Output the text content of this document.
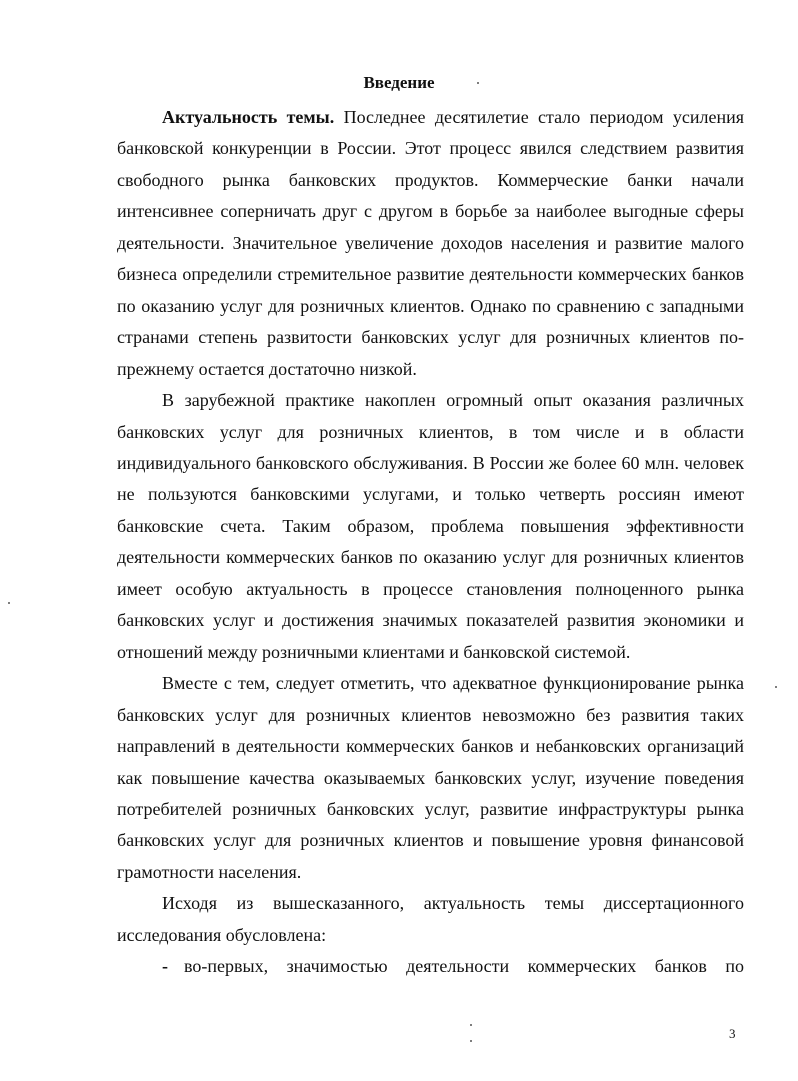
Введение

Актуальность темы. Последнее десятилетие стало периодом усиления банковской конкуренции в России. Этот процесс явился следствием развития свободного рынка банковских продуктов. Коммерческие банки начали интенсивнее соперничать друг с другом в борьбе за наиболее выгодные сферы деятельности. Значительное увеличение доходов населения и развитие малого бизнеса определили стремительное развитие деятельности коммерческих банков по оказанию услуг для розничных клиентов. Однако по сравнению с западными странами степень развитости банковских услуг для розничных клиентов по-прежнему остается достаточно низкой.

В зарубежной практике накоплен огромный опыт оказания различных банковских услуг для розничных клиентов, в том числе и в области индивидуального банковского обслуживания. В России же более 60 млн. человек не пользуются банковскими услугами, и только четверть россиян имеют банковские счета. Таким образом, проблема повышения эффективности деятельности коммерческих банков по оказанию услуг для розничных клиентов имеет особую актуальность в процессе становления полноценного рынка банковских услуг и достижения значимых показателей развития экономики и отношений между розничными клиентами и банковской системой.

Вместе с тем, следует отметить, что адекватное функционирование рынка банковских услуг для розничных клиентов невозможно без развития таких направлений в деятельности коммерческих банков и небанковских организаций как повышение качества оказываемых банковских услуг, изучение поведения потребителей розничных банковских услуг, развитие инфраструктуры рынка банковских услуг для розничных клиентов и повышение уровня финансовой грамотности населения.

Исходя из вышесказанного, актуальность темы диссертационного исследования обусловлена:

- во-первых, значимостью деятельности коммерческих банков по
3
